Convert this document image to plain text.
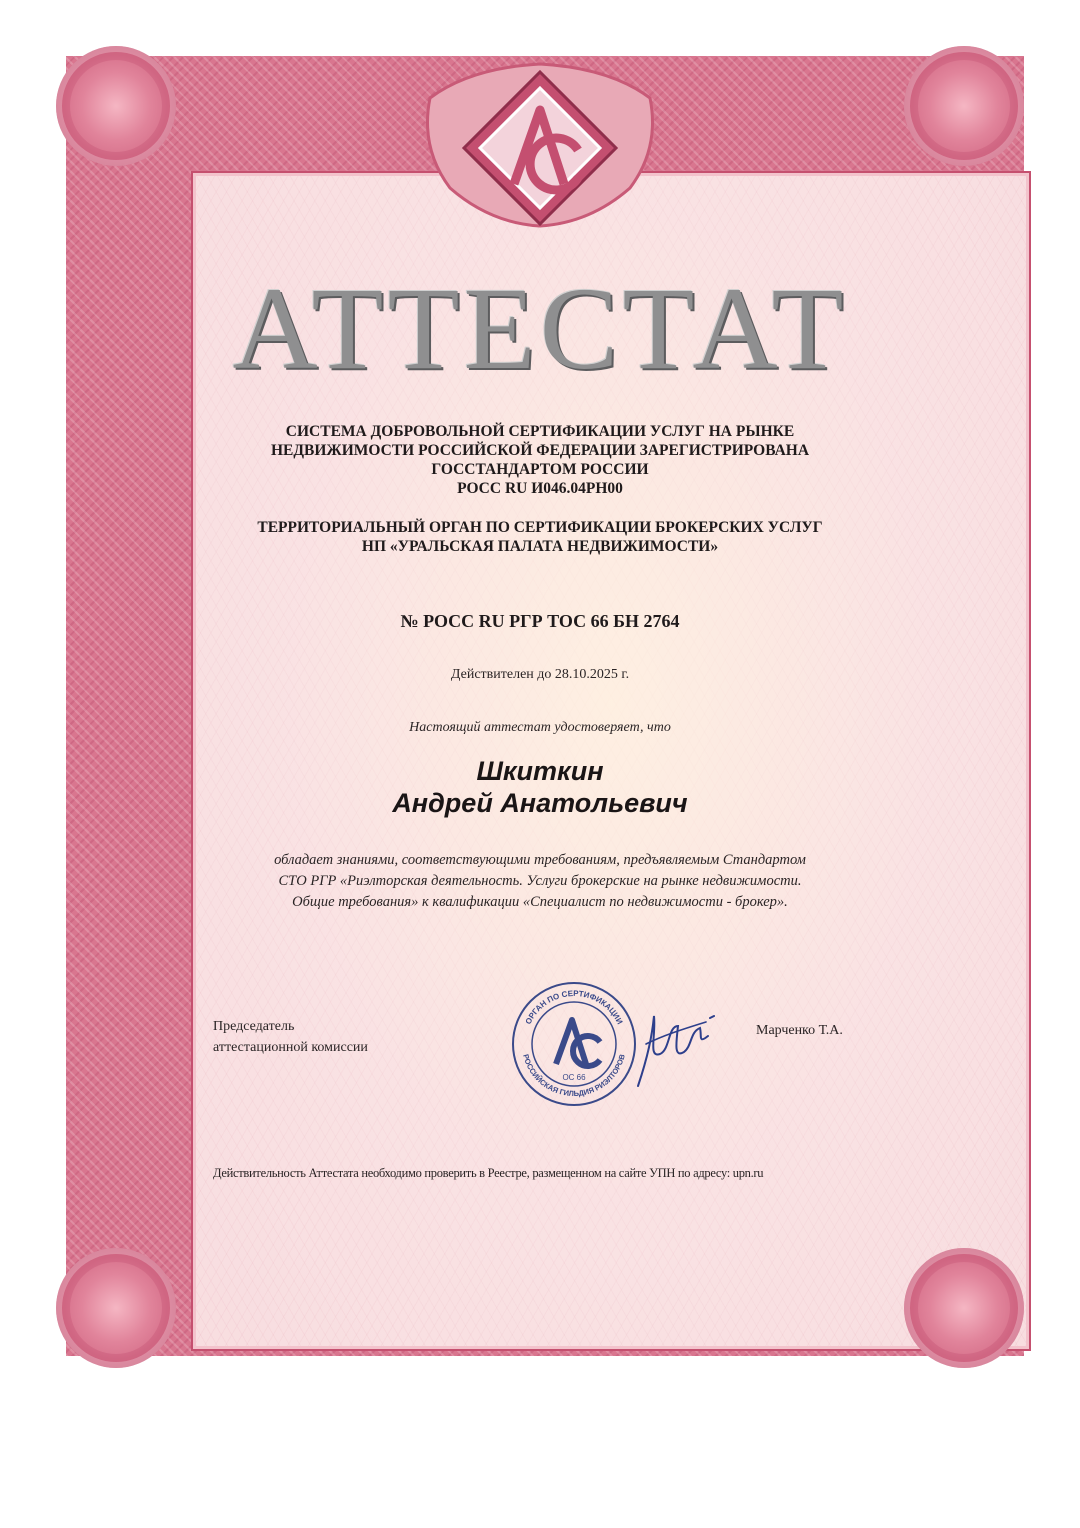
АТТЕСТАТ
СИСТЕМА ДОБРОВОЛЬНОЙ СЕРТИФИКАЦИИ УСЛУГ НА РЫНКЕ
НЕДВИЖИМОСТИ РОССИЙСКОЙ ФЕДЕРАЦИИ ЗАРЕГИСТРИРОВАНА
ГОССТАНДАРТОМ РОССИИ
РОСС RU И046.04РН00
ТЕРРИТОРИАЛЬНЫЙ ОРГАН ПО СЕРТИФИКАЦИИ БРОКЕРСКИХ УСЛУГ
НП «УРАЛЬСКАЯ ПАЛАТА НЕДВИЖИМОСТИ»
№ РОСС RU РГР ТОС 66 БН 2764
Действителен до 28.10.2025 г.
Настоящий аттестат удостоверяет, что
Шкиткин
Андрей Анатольевич
обладает знаниями, соответствующими требованиям, предъявляемым Стандартом
СТО РГР «Риэлторская деятельность. Услуги брокерские на рынке недвижимости.
Общие требования» к квалификации «Специалист по недвижимости - брокер».
Председатель
аттестационной комиссии
ОРГАН ПО СЕРТИФИКАЦИИ
РОССИЙСКАЯ ГИЛЬДИЯ РИЭЛТОРОВ
ОС 66
Марченко Т.А.
Действительность Аттестата необходимо проверить в Реестре, размещенном на сайте УПН по адресу: upn.ru
